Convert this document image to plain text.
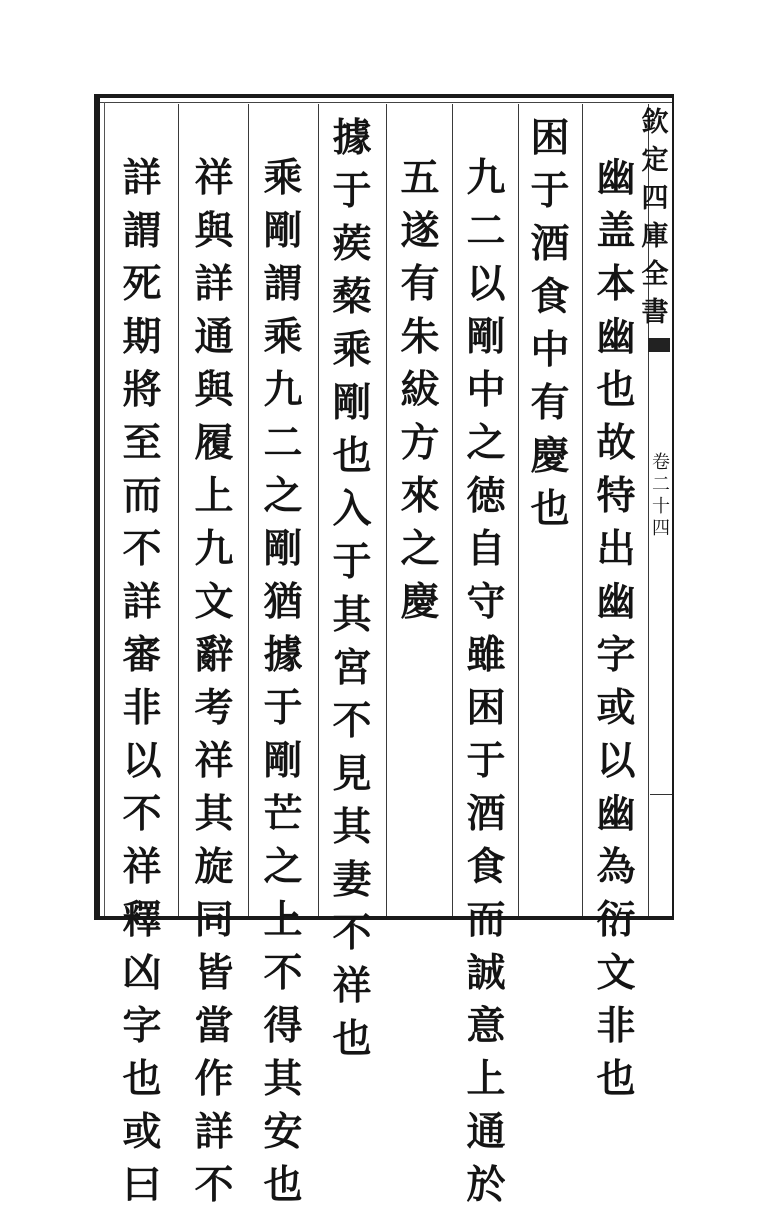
欽定四庫全書
卷二十四
幽盖本幽也故特出幽字或以幽為衍文非也
困于酒食中有慶也
九二以剛中之徳自守雖困于酒食而誠意上通於
五遂有朱紱方來之慶
據于蒺蔾乘剛也入于其宮不見其妻不祥也
乘剛謂乘九二之剛猶據于剛芒之上不得其安也
祥與詳通與履上九文辭考祥其旋同皆當作詳不
詳謂死期將至而不詳審非以不祥釋凶字也或曰
